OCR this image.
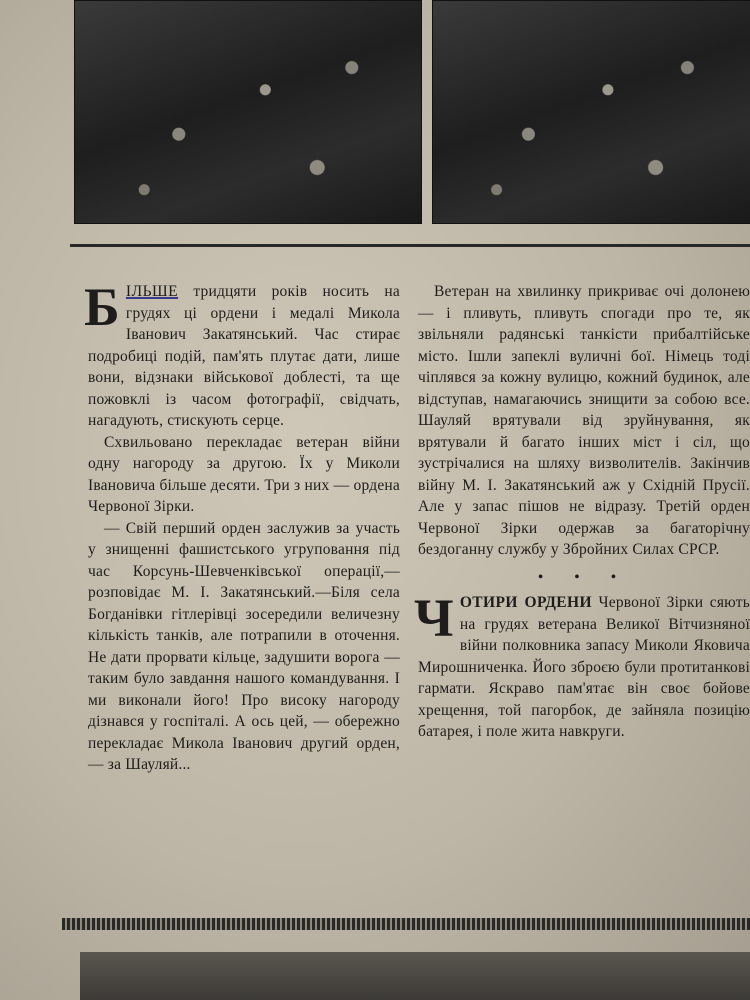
БІЛЬШЕ тридцяти років носить на грудях ці ордени і медалі Микола Іванович Закатянський. Час стирає подробиці подій, пам'ять плутає дати, лише вони, відзнаки військової доблесті, та ще пожовклі із часом фотографії, свідчать, нагадують, стискують серце.

Схвильовано перекладає ветеран війни одну нагороду за другою. Їх у Миколи Івановича більше десяти. Три з них — ордена Червоної Зірки.

— Свій перший орден заслужив за участь у знищенні фашистського угруповання під час Корсунь-Шевченківської операції,—розповідає М. І. Закатянський.—Біля села Богданівки гітлерівці зосередили величезну кількість танків, але потрапили в оточення. Не дати прорвати кільце, задушити ворога — таким було завдання нашого командування. І ми виконали його! Про високу нагороду дізнався у госпіталі. А ось цей, — обережно перекладає Микола Іванович другий орден, — за Шауляй...

Ветеран на хвилинку прикриває очі долонею — і пливуть, пливуть спогади про те, як звільняли радянські танкісти прибалтійське місто. Ішли запеклі вуличні бої. Німець тоді чіплявся за кожну вулицю, кожний будинок, але відступав, намагаючись знищити за собою все. Шауляй врятували від зруйнування, як врятували й багато інших міст і сіл, що зустрічалися на шляху визволителів. Закінчив війну М. І. Закатянський аж у Східній Прусії. Але у запас пішов не відразу. Третій орден Червоної Зірки одержав за багаторічну бездоганну службу у Збройних Силах СРСР.

• • •

ЧОТИРИ ОРДЕНИ Червоної Зірки сяють на грудях ветерана Великої Вітчизняної війни полковника запасу Миколи Яковича Мирошниченка. Його зброєю були протитанкові гармати. Яскраво пам'ятає він своє бойове хрещення, той пагорбок, де зайняла позицію батарея, і поле жита навкруги.
